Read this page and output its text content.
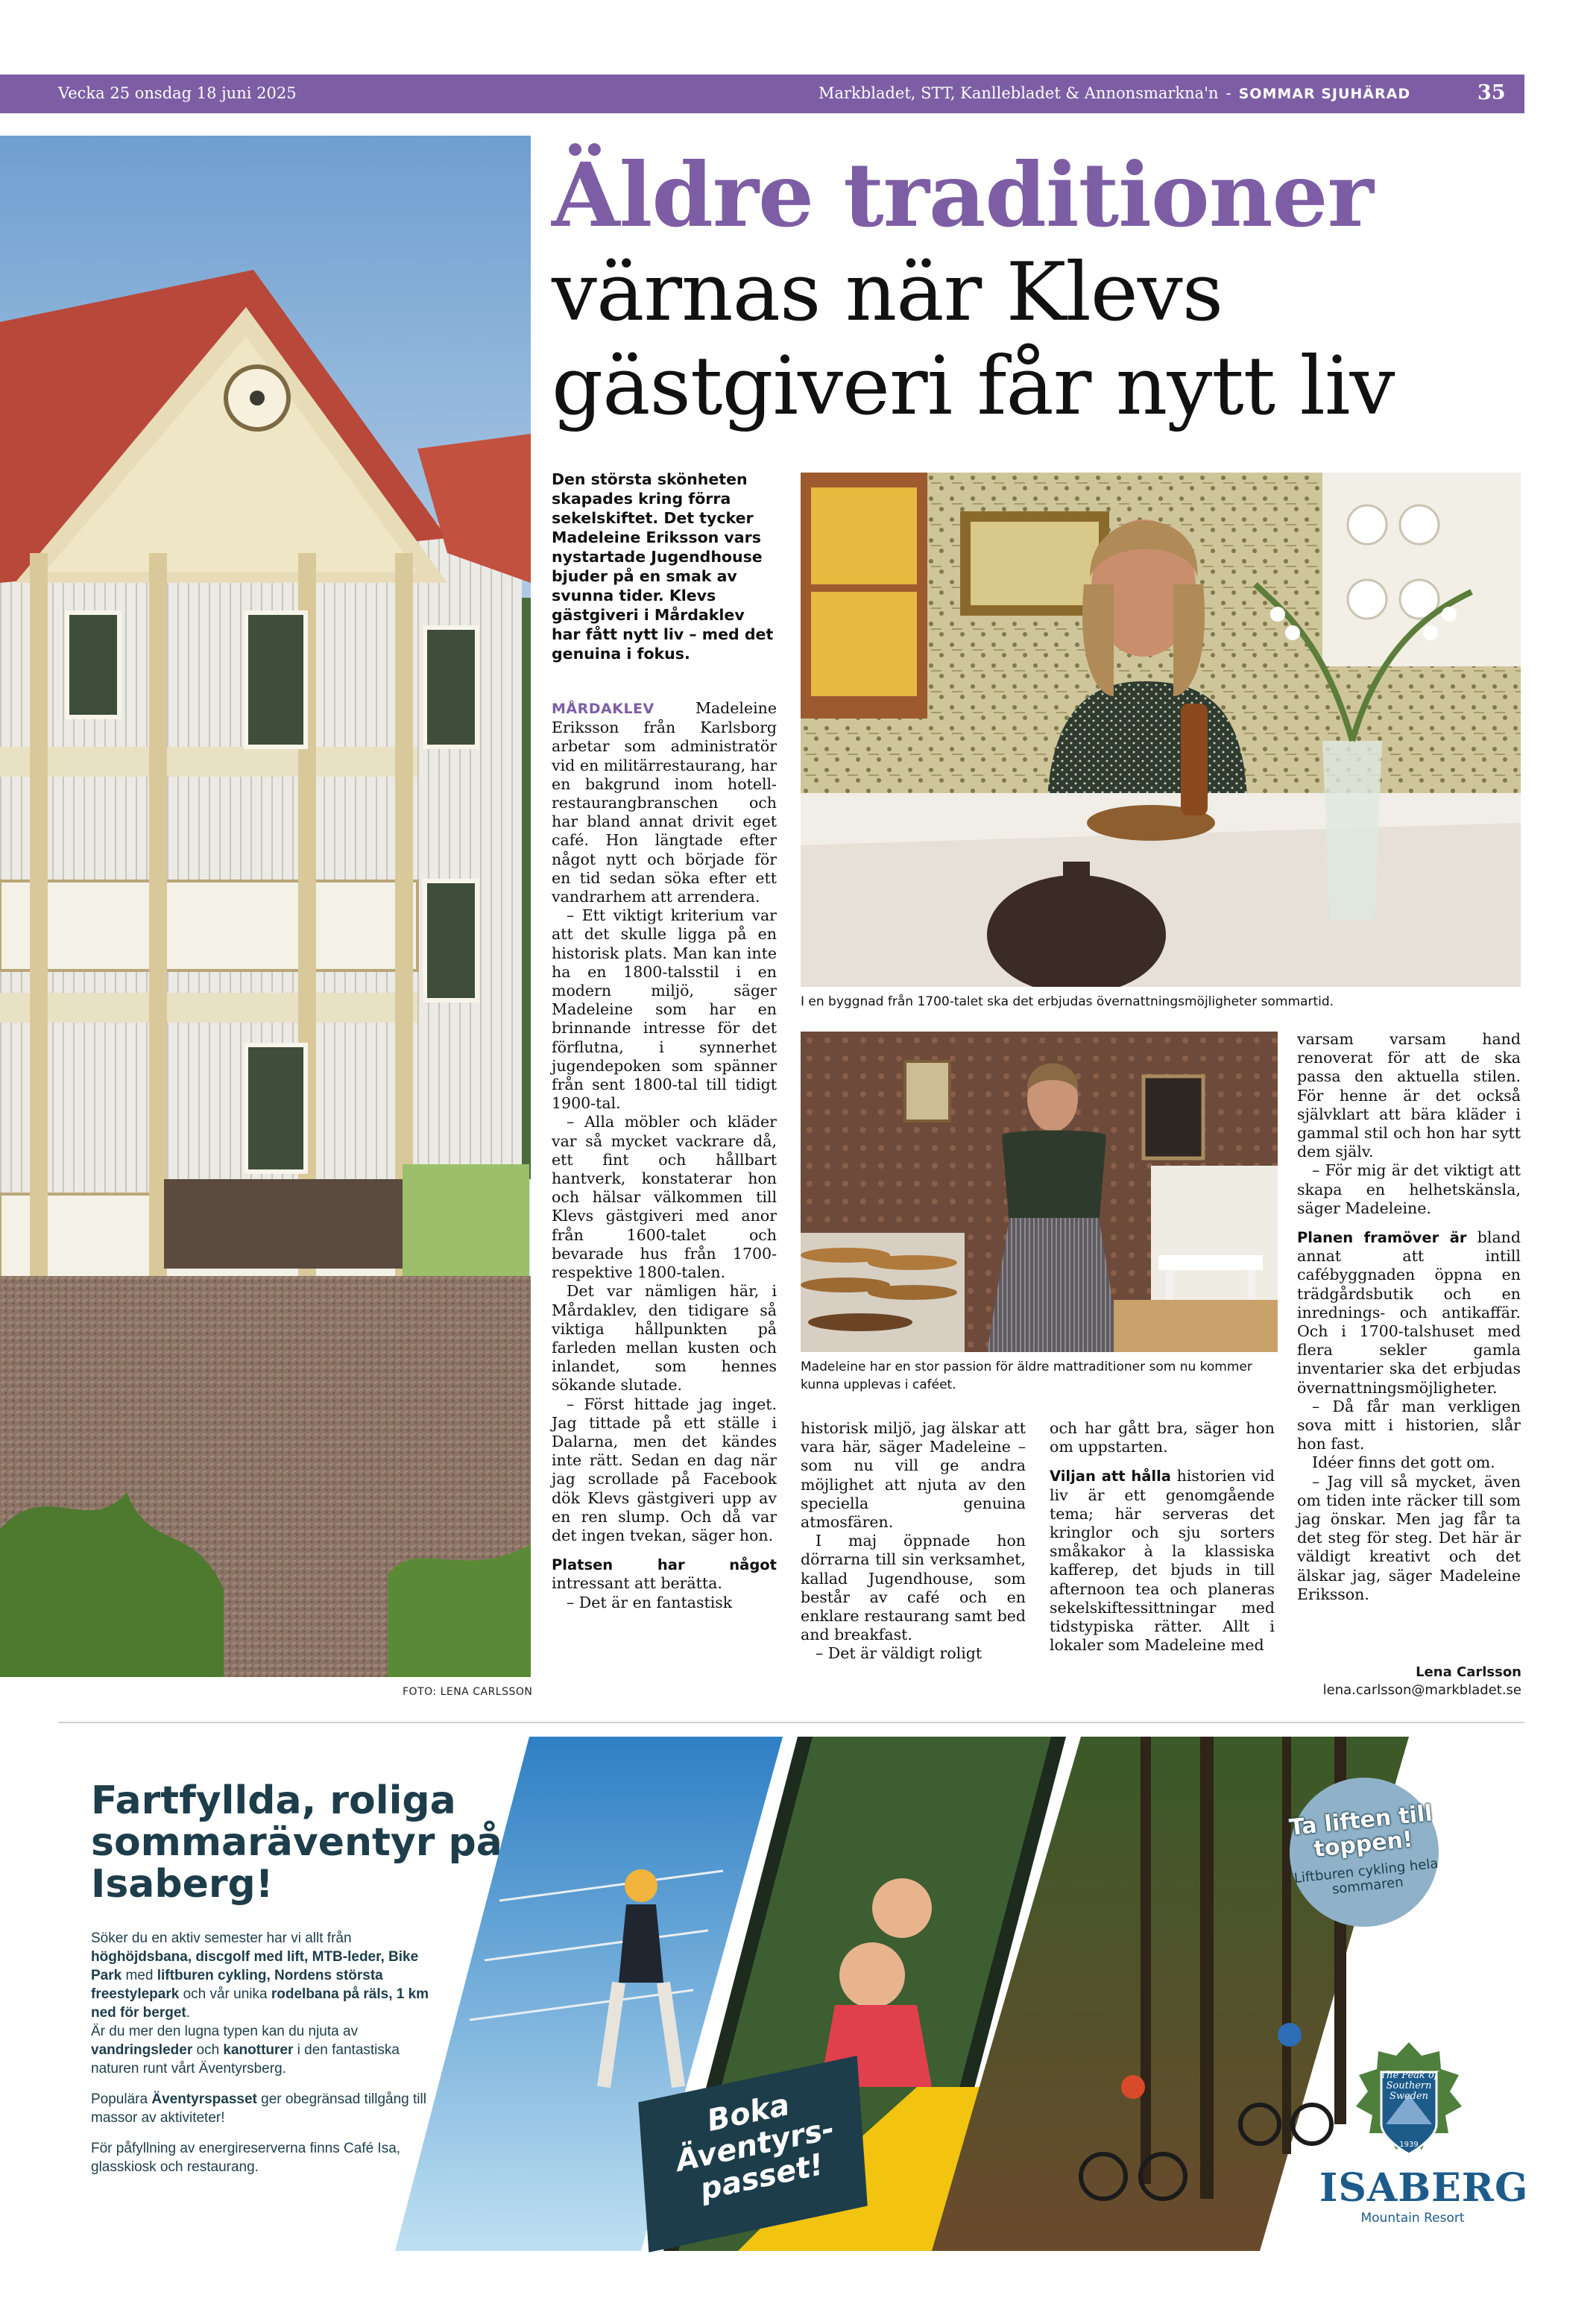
Vecka 25 onsdag 18 juni 2025	Markbladet, STT, Kanllebladet & Annonsmarkna'n - SOMMAR SJUHÄRAD	35
Äldre traditioner
värnas när Klevs
gästgiveri får nytt liv
FOTO: LENA CARLSSON
Den största skönheten skapades kring förra sekelskiftet. Det tycker Madeleine Eriksson vars nystartade Jugendhouse bjuder på en smak av svunna tider. Klevs gästgiveri i Mårdaklev har fått nytt liv – med det genuina i fokus.

MÅRDAKLEV	Madeleine Eriksson från Karlsborg arbetar som administratör vid en militärrestaurang, har en bakgrund inom hotell- restaurangbranschen och har bland annat drivit eget café. Hon längtade efter något nytt och började för en tid sedan söka efter ett vandrarhem att arrendera.

– Ett viktigt kriterium var att det skulle ligga på en historisk plats. Man kan inte ha en 1800-talsstil i en modern miljö, säger Madeleine som har en brinnande intresse för det förflutna, i synnerhet jugendepoken som spänner från sent 1800-tal till tidigt 1900-tal.

– Alla möbler och kläder var så mycket vackrare då, ett fint och hållbart hantverk, konstaterar hon och hälsar välkommen till Klevs gästgiveri med anor från 1600-talet och bevarade hus från 1700- respektive 1800-talen.

Det var nämligen här, i Mårdaklev, den tidigare så viktiga hållpunkten på farleden mellan kusten och inlandet, som hennes sökande slutade.

– Först hittade jag inget. Jag tittade på ett ställe i Dalarna, men det kändes inte rätt. Sedan en dag när jag scrollade på Facebook dök Klevs gästgiveri upp av en ren slump. Och då var det ingen tvekan, säger hon.

Platsen har något intressant att berätta.

– Det är en fantastisk

I en byggnad från 1700-talet ska det erbjudas övernattningsmöjligheter sommartid.
Madeleine har en stor passion för äldre mattraditioner som nu kommer kunna upplevas i caféet.

historisk miljö, jag älskar att vara här, säger Madeleine – som nu vill ge andra möjlighet att njuta av den speciella genuina atmosfären.

I maj öppnade hon dörrarna till sin verksamhet, kallad Jugendhouse, som består av café och en enklare restaurang samt bed and breakfast.

– Det är väldigt roligt

och har gått bra, säger hon om uppstarten.

Viljan att hålla historien vid liv är ett genomgående tema; här serveras det kringlor och sju sorters småkakor à la klassiska kafferep, det bjuds in till afternoon tea och planeras sekelskiftessittningar med tidstypiska rätter. Allt i lokaler som Madeleine med

varsam varsam hand renoverat för att de ska passa den aktuella stilen. För henne är det också självklart att bära kläder i gammal stil och hon har sytt dem själv.

– För mig är det viktigt att skapa en helhetskänsla, säger Madeleine.

Planen framöver är bland annat att intill cafébyggnaden öppna en trädgårdsbutik och en inrednings- och antikaffär. Och i 1700-talshuset med flera sekler gamla inventarier ska det erbjudas övernattningsmöjligheter.

– Då får man verkligen sova mitt i historien, slår hon fast.

Idéer finns det gott om.

– Jag vill så mycket, även om tiden inte räcker till som jag önskar. Men jag får ta det steg för steg. Det här är väldigt kreativt och det älskar jag, säger Madeleine Eriksson.

Lena Carlsson
lena.carlsson@markbladet.se
Fartfyllda, roliga sommaräventyr på Isaberg!

Söker du en aktiv semester har vi allt från höghöjdsbana, discgolf med lift, MTB-leder, Bike Park med liftburen cykling, Nordens största freestylepark och vår unika rodelbana på räls, 1 km ned för berget.
Är du mer den lugna typen kan du njuta av vandringsleder och kanotturer i den fantastiska naturen runt vårt Äventyrsberg.

Populära Äventyrspasset ger obegränsad tillgång till massor av aktiviteter!

För påfyllning av energireserverna finns Café Isa, glasskiosk och restaurang.

Boka Äventyrs-passet!
Ta liften till toppen!
Liftburen cykling hela sommaren
The Peak of Southern Sweden
1939
ISABERG
Mountain Resort
